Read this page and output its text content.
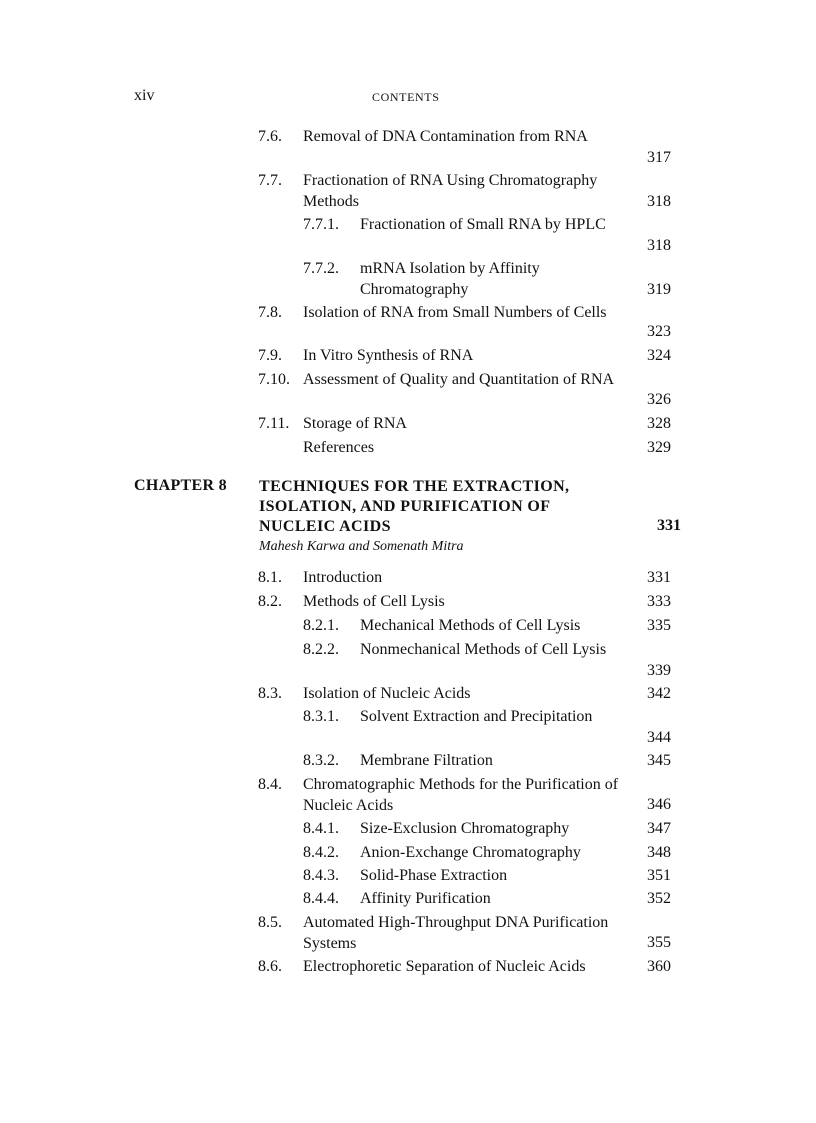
xiv	CONTENTS
7.6. Removal of DNA Contamination from RNA
317
7.7. Fractionation of RNA Using Chromatography Methods	318
7.7.1. Fractionation of Small RNA by HPLC
318
7.7.2. mRNA Isolation by Affinity Chromatography	319
7.8. Isolation of RNA from Small Numbers of Cells
323
7.9. In Vitro Synthesis of RNA	324
7.10. Assessment of Quality and Quantitation of RNA
326
7.11. Storage of RNA	328
References	329
CHAPTER 8 TECHNIQUES FOR THE EXTRACTION, ISOLATION, AND PURIFICATION OF NUCLEIC ACIDS	331
Mahesh Karwa and Somenath Mitra
8.1. Introduction	331
8.2. Methods of Cell Lysis	333
8.2.1. Mechanical Methods of Cell Lysis	335
8.2.2. Nonmechanical Methods of Cell Lysis
339
8.3. Isolation of Nucleic Acids	342
8.3.1. Solvent Extraction and Precipitation
344
8.3.2. Membrane Filtration	345
8.4. Chromatographic Methods for the Purification of Nucleic Acids	346
8.4.1. Size-Exclusion Chromatography	347
8.4.2. Anion-Exchange Chromatography	348
8.4.3. Solid-Phase Extraction	351
8.4.4. Affinity Purification	352
8.5. Automated High-Throughput DNA Purification Systems	355
8.6. Electrophoretic Separation of Nucleic Acids	360
